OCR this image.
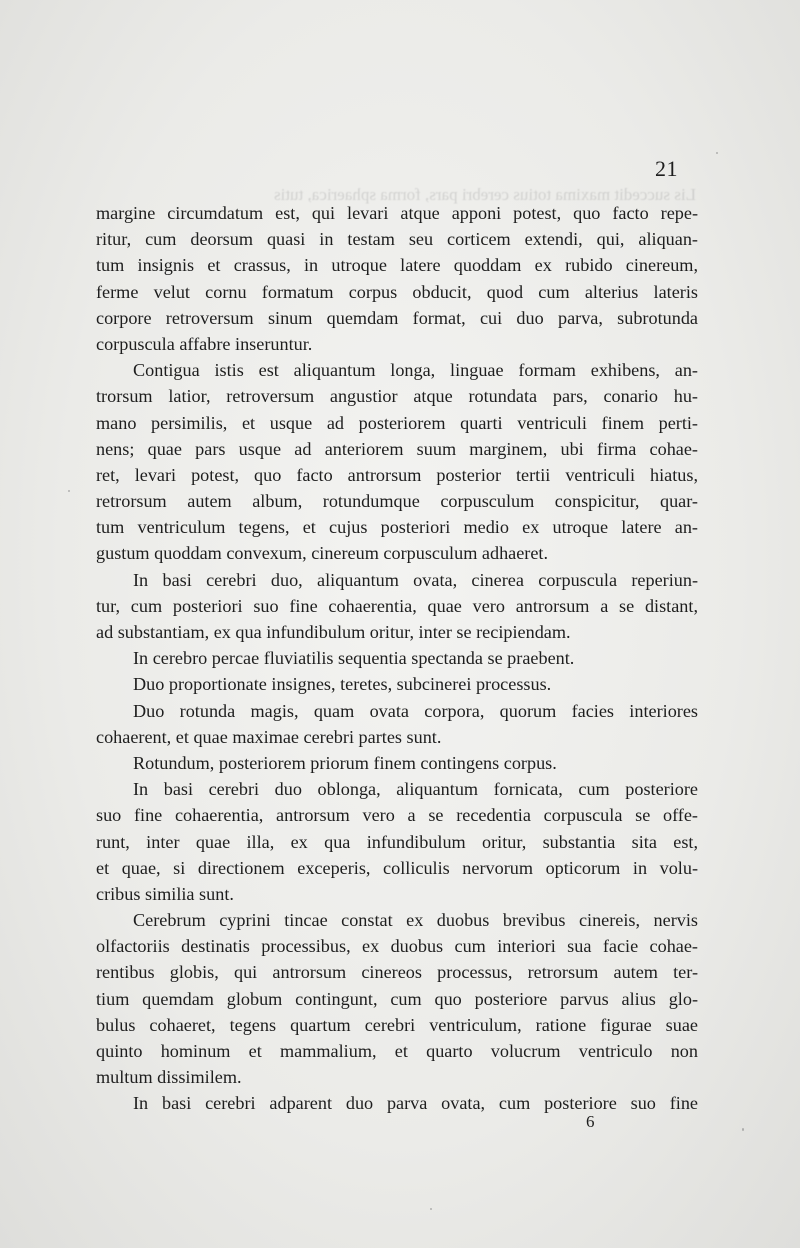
21
Lis succedit maxima totius cerebri pars, forma sphaerica, tutis
margine circumdatum est, qui levari atque apponi potest, quo facto repe-
ritur, cum deorsum quasi in testam seu corticem extendi, qui, aliquan-
tum insignis et crassus, in utroque latere quoddam ex rubido cinereum,
ferme velut cornu formatum corpus obducit, quod cum alterius lateris
corpore retroversum sinum quemdam format, cui duo parva, subrotunda
corpuscula affabre inseruntur.
Contigua istis est aliquantum longa, linguae formam exhibens, an-
trorsum latior, retroversum angustior atque rotundata pars, conario hu-
mano persimilis, et usque ad posteriorem quarti ventriculi finem perti-
nens; quae pars usque ad anteriorem suum marginem, ubi firma cohae-
ret, levari potest, quo facto antrorsum posterior tertii ventriculi hiatus,
retrorsum autem album, rotundumque corpusculum conspicitur, quar-
tum ventriculum tegens, et cujus posteriori medio ex utroque latere an-
gustum quoddam convexum, cinereum corpusculum adhaeret.
In basi cerebri duo, aliquantum ovata, cinerea corpuscula reperiun-
tur, cum posteriori suo fine cohaerentia, quae vero antrorsum a se distant,
ad substantiam, ex qua infundibulum oritur, inter se recipiendam.
In cerebro percae fluviatilis sequentia spectanda se praebent.
Duo proportionate insignes, teretes, subcinerei processus.
Duo rotunda magis, quam ovata corpora, quorum facies interiores
cohaerent, et quae maximae cerebri partes sunt.
Rotundum, posteriorem priorum finem contingens corpus.
In basi cerebri duo oblonga, aliquantum fornicata, cum posteriore
suo fine cohaerentia, antrorsum vero a se recedentia corpuscula se offe-
runt, inter quae illa, ex qua infundibulum oritur, substantia sita est,
et quae, si directionem exceperis, colliculis nervorum opticorum in volu-
cribus similia sunt.
Cerebrum cyprini tincae constat ex duobus brevibus cinereis, nervis
olfactoriis destinatis processibus, ex duobus cum interiori sua facie cohae-
rentibus globis, qui antrorsum cinereos processus, retrorsum autem ter-
tium quemdam globum contingunt, cum quo posteriore parvus alius glo-
bulus cohaeret, tegens quartum cerebri ventriculum, ratione figurae suae
quinto hominum et mammalium, et quarto volucrum ventriculo non
multum dissimilem.
In basi cerebri adparent duo parva ovata, cum posteriore suo fine
6
